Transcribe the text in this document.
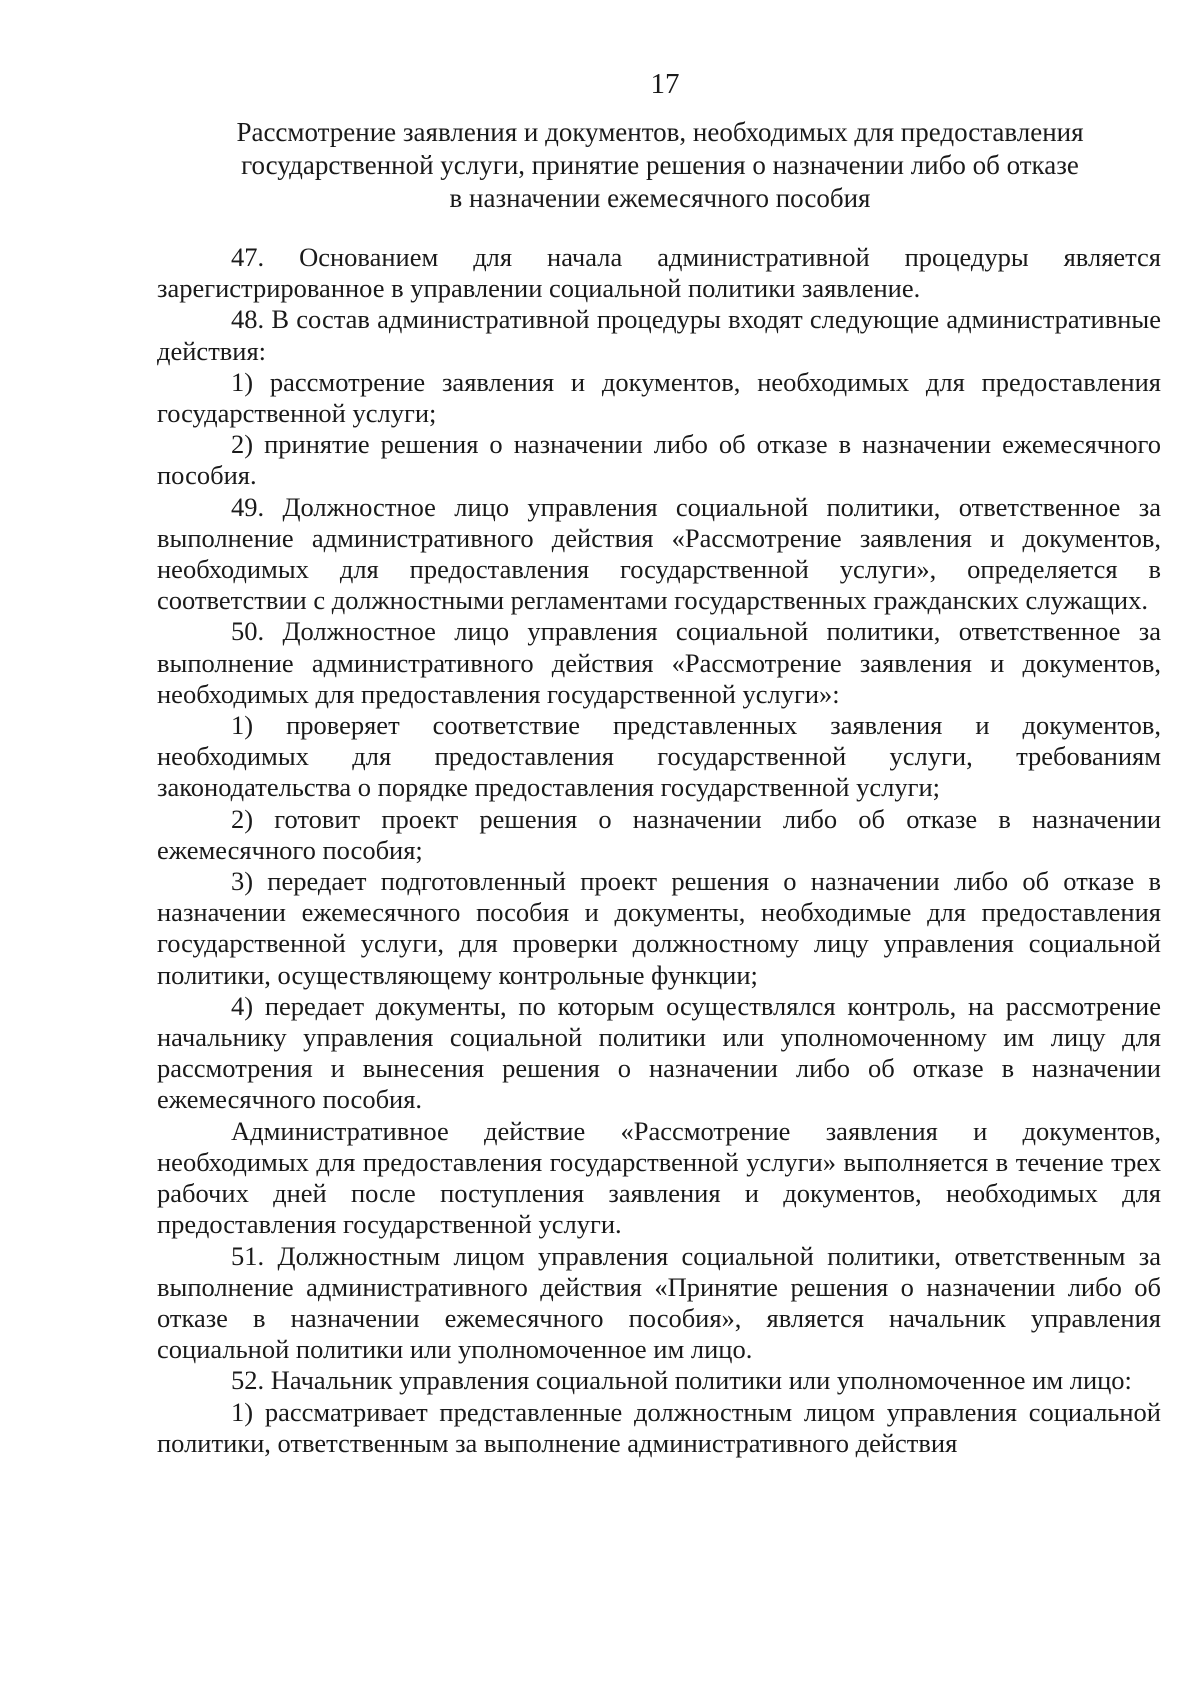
17
Рассмотрение заявления и документов, необходимых для предоставления
государственной услуги, принятие решения о назначении либо об отказе
в назначении ежемесячного пособия

47. Основанием для начала административной процедуры является зарегистрированное в управлении социальной политики заявление.

48. В состав административной процедуры входят следующие административные действия:

1) рассмотрение заявления и документов, необходимых для предоставления государственной услуги;

2) принятие решения о назначении либо об отказе в назначении ежемесячного пособия.

49. Должностное лицо управления социальной политики, ответственное за выполнение административного действия «Рассмотрение заявления и документов, необходимых для предоставления государственной услуги», определяется в соответствии с должностными регламентами государственных гражданских служащих.

50. Должностное лицо управления социальной политики, ответственное за выполнение административного действия «Рассмотрение заявления и документов, необходимых для предоставления государственной услуги»:

1) проверяет соответствие представленных заявления и документов, необходимых для предоставления государственной услуги, требованиям законодательства о порядке предоставления государственной услуги;

2) готовит проект решения о назначении либо об отказе в назначении ежемесячного пособия;

3) передает подготовленный проект решения о назначении либо об отказе в назначении ежемесячного пособия и документы, необходимые для предоставления государственной услуги, для проверки должностному лицу управления социальной политики, осуществляющему контрольные функции;

4) передает документы, по которым осуществлялся контроль, на рассмотрение начальнику управления социальной политики или уполномоченному им лицу для рассмотрения и вынесения решения о назначении либо об отказе в назначении ежемесячного пособия.

Административное действие «Рассмотрение заявления и документов, необходимых для предоставления государственной услуги» выполняется в течение трех рабочих дней после поступления заявления и документов, необходимых для предоставления государственной услуги.

51. Должностным лицом управления социальной политики, ответственным за выполнение административного действия «Принятие решения о назначении либо об отказе в назначении ежемесячного пособия», является начальник управления социальной политики или уполномоченное им лицо.

52. Начальник управления социальной политики или уполномоченное им лицо:

1) рассматривает представленные должностным лицом управления социальной политики, ответственным за выполнение административного действия
